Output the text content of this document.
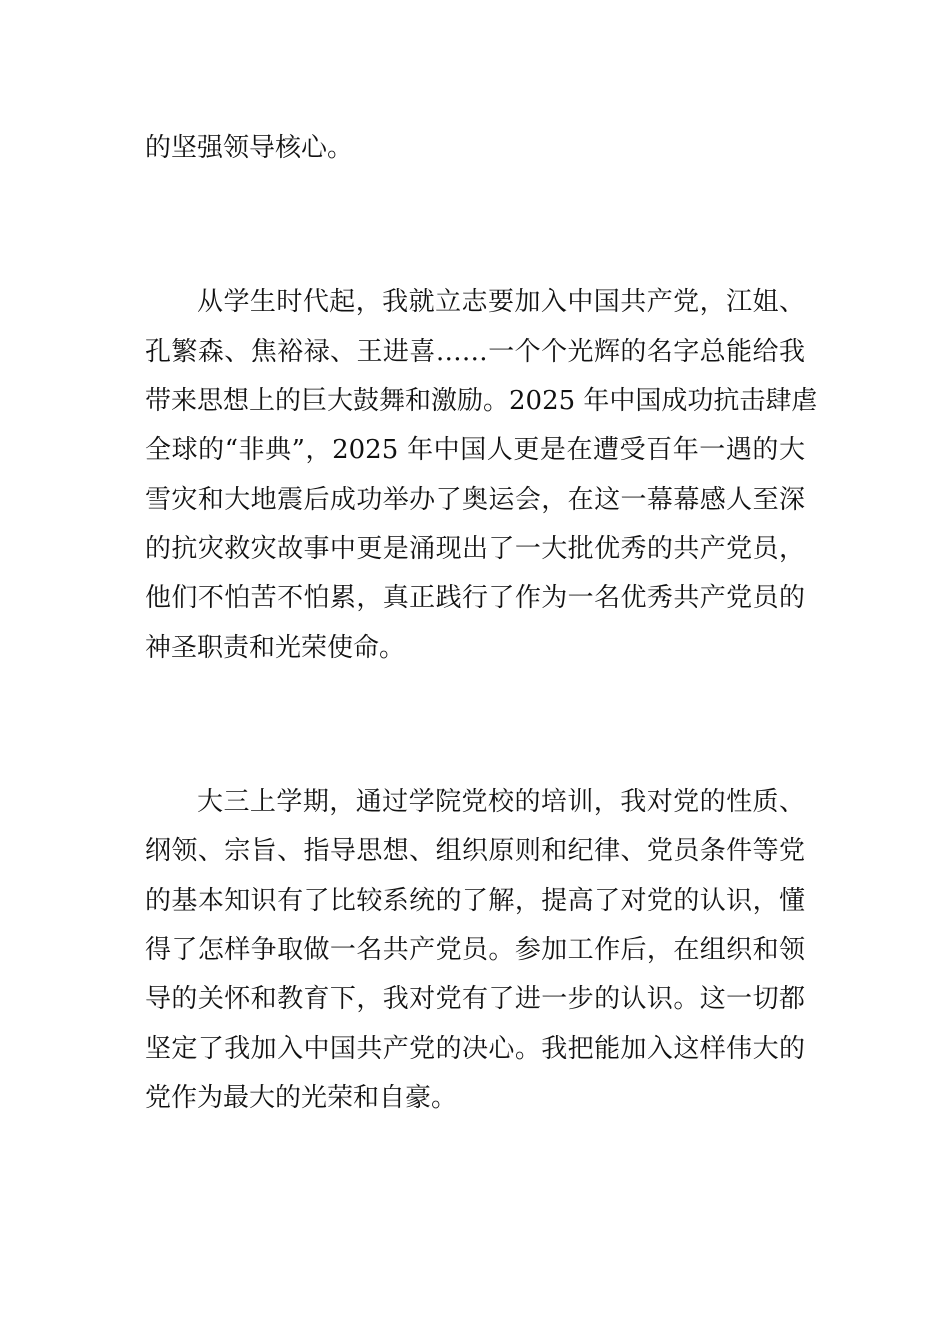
的坚强领导核心。
从学生时代起，我就立志要加入中国共产党，江姐、
孔繁森、焦裕禄、王进喜……一个个光辉的名字总能给我
带来思想上的巨大鼓舞和激励。2025 年中国成功抗击肆虐
全球的“非典”，2025 年中国人更是在遭受百年一遇的大
雪灾和大地震后成功举办了奥运会，在这一幕幕感人至深
的抗灾救灾故事中更是涌现出了一大批优秀的共产党员，
他们不怕苦不怕累，真正践行了作为一名优秀共产党员的
神圣职责和光荣使命。
大三上学期，通过学院党校的培训，我对党的性质、
纲领、宗旨、指导思想、组织原则和纪律、党员条件等党
的基本知识有了比较系统的了解，提高了对党的认识，懂
得了怎样争取做一名共产党员。参加工作后，在组织和领
导的关怀和教育下，我对党有了进一步的认识。这一切都
坚定了我加入中国共产党的决心。我把能加入这样伟大的
党作为最大的光荣和自豪。
